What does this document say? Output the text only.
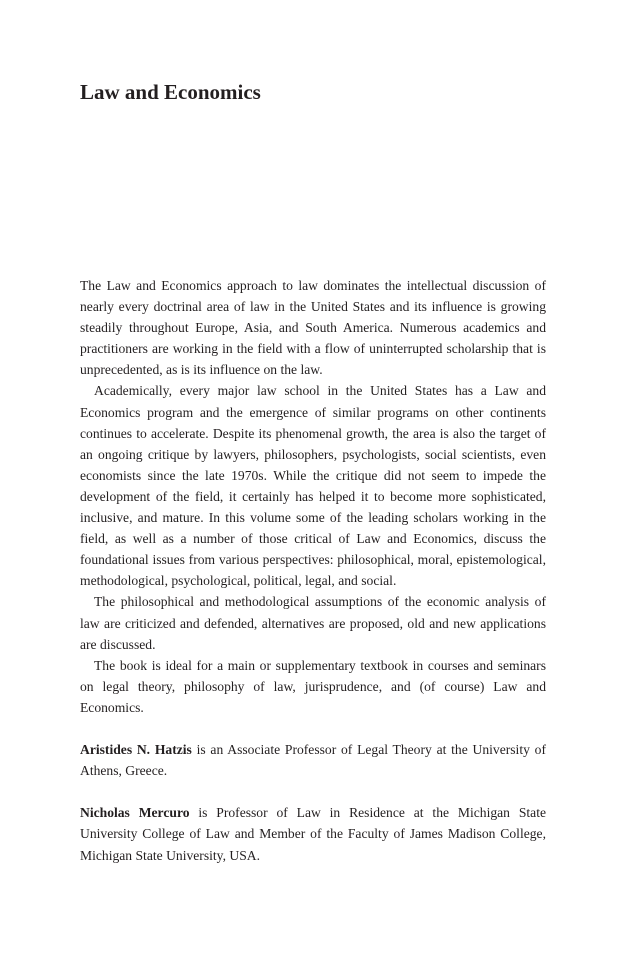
Law and Economics

The Law and Economics approach to law dominates the intellectual discussion of nearly every doctrinal area of law in the United States and its influence is growing steadily throughout Europe, Asia, and South America. Numerous academics and practitioners are working in the field with a flow of uninterrupted scholarship that is unprecedented, as is its influence on the law.

Academically, every major law school in the United States has a Law and Economics program and the emergence of similar programs on other continents continues to accelerate. Despite its phenomenal growth, the area is also the target of an ongoing critique by lawyers, philosophers, psychologists, social scientists, even economists since the late 1970s. While the critique did not seem to impede the development of the field, it certainly has helped it to become more sophisticated, inclusive, and mature. In this volume some of the leading scholars working in the field, as well as a number of those critical of Law and Economics, discuss the foundational issues from various perspectives: philosophical, moral, epistemological, methodological, psychological, political, legal, and social.

The philosophical and methodological assumptions of the economic analysis of law are criticized and defended, alternatives are proposed, old and new applications are discussed.

The book is ideal for a main or supplementary textbook in courses and seminars on legal theory, philosophy of law, jurisprudence, and (of course) Law and Economics.

Aristides N. Hatzis is an Associate Professor of Legal Theory at the University of Athens, Greece.

Nicholas Mercuro is Professor of Law in Residence at the Michigan State University College of Law and Member of the Faculty of James Madison College, Michigan State University, USA.
